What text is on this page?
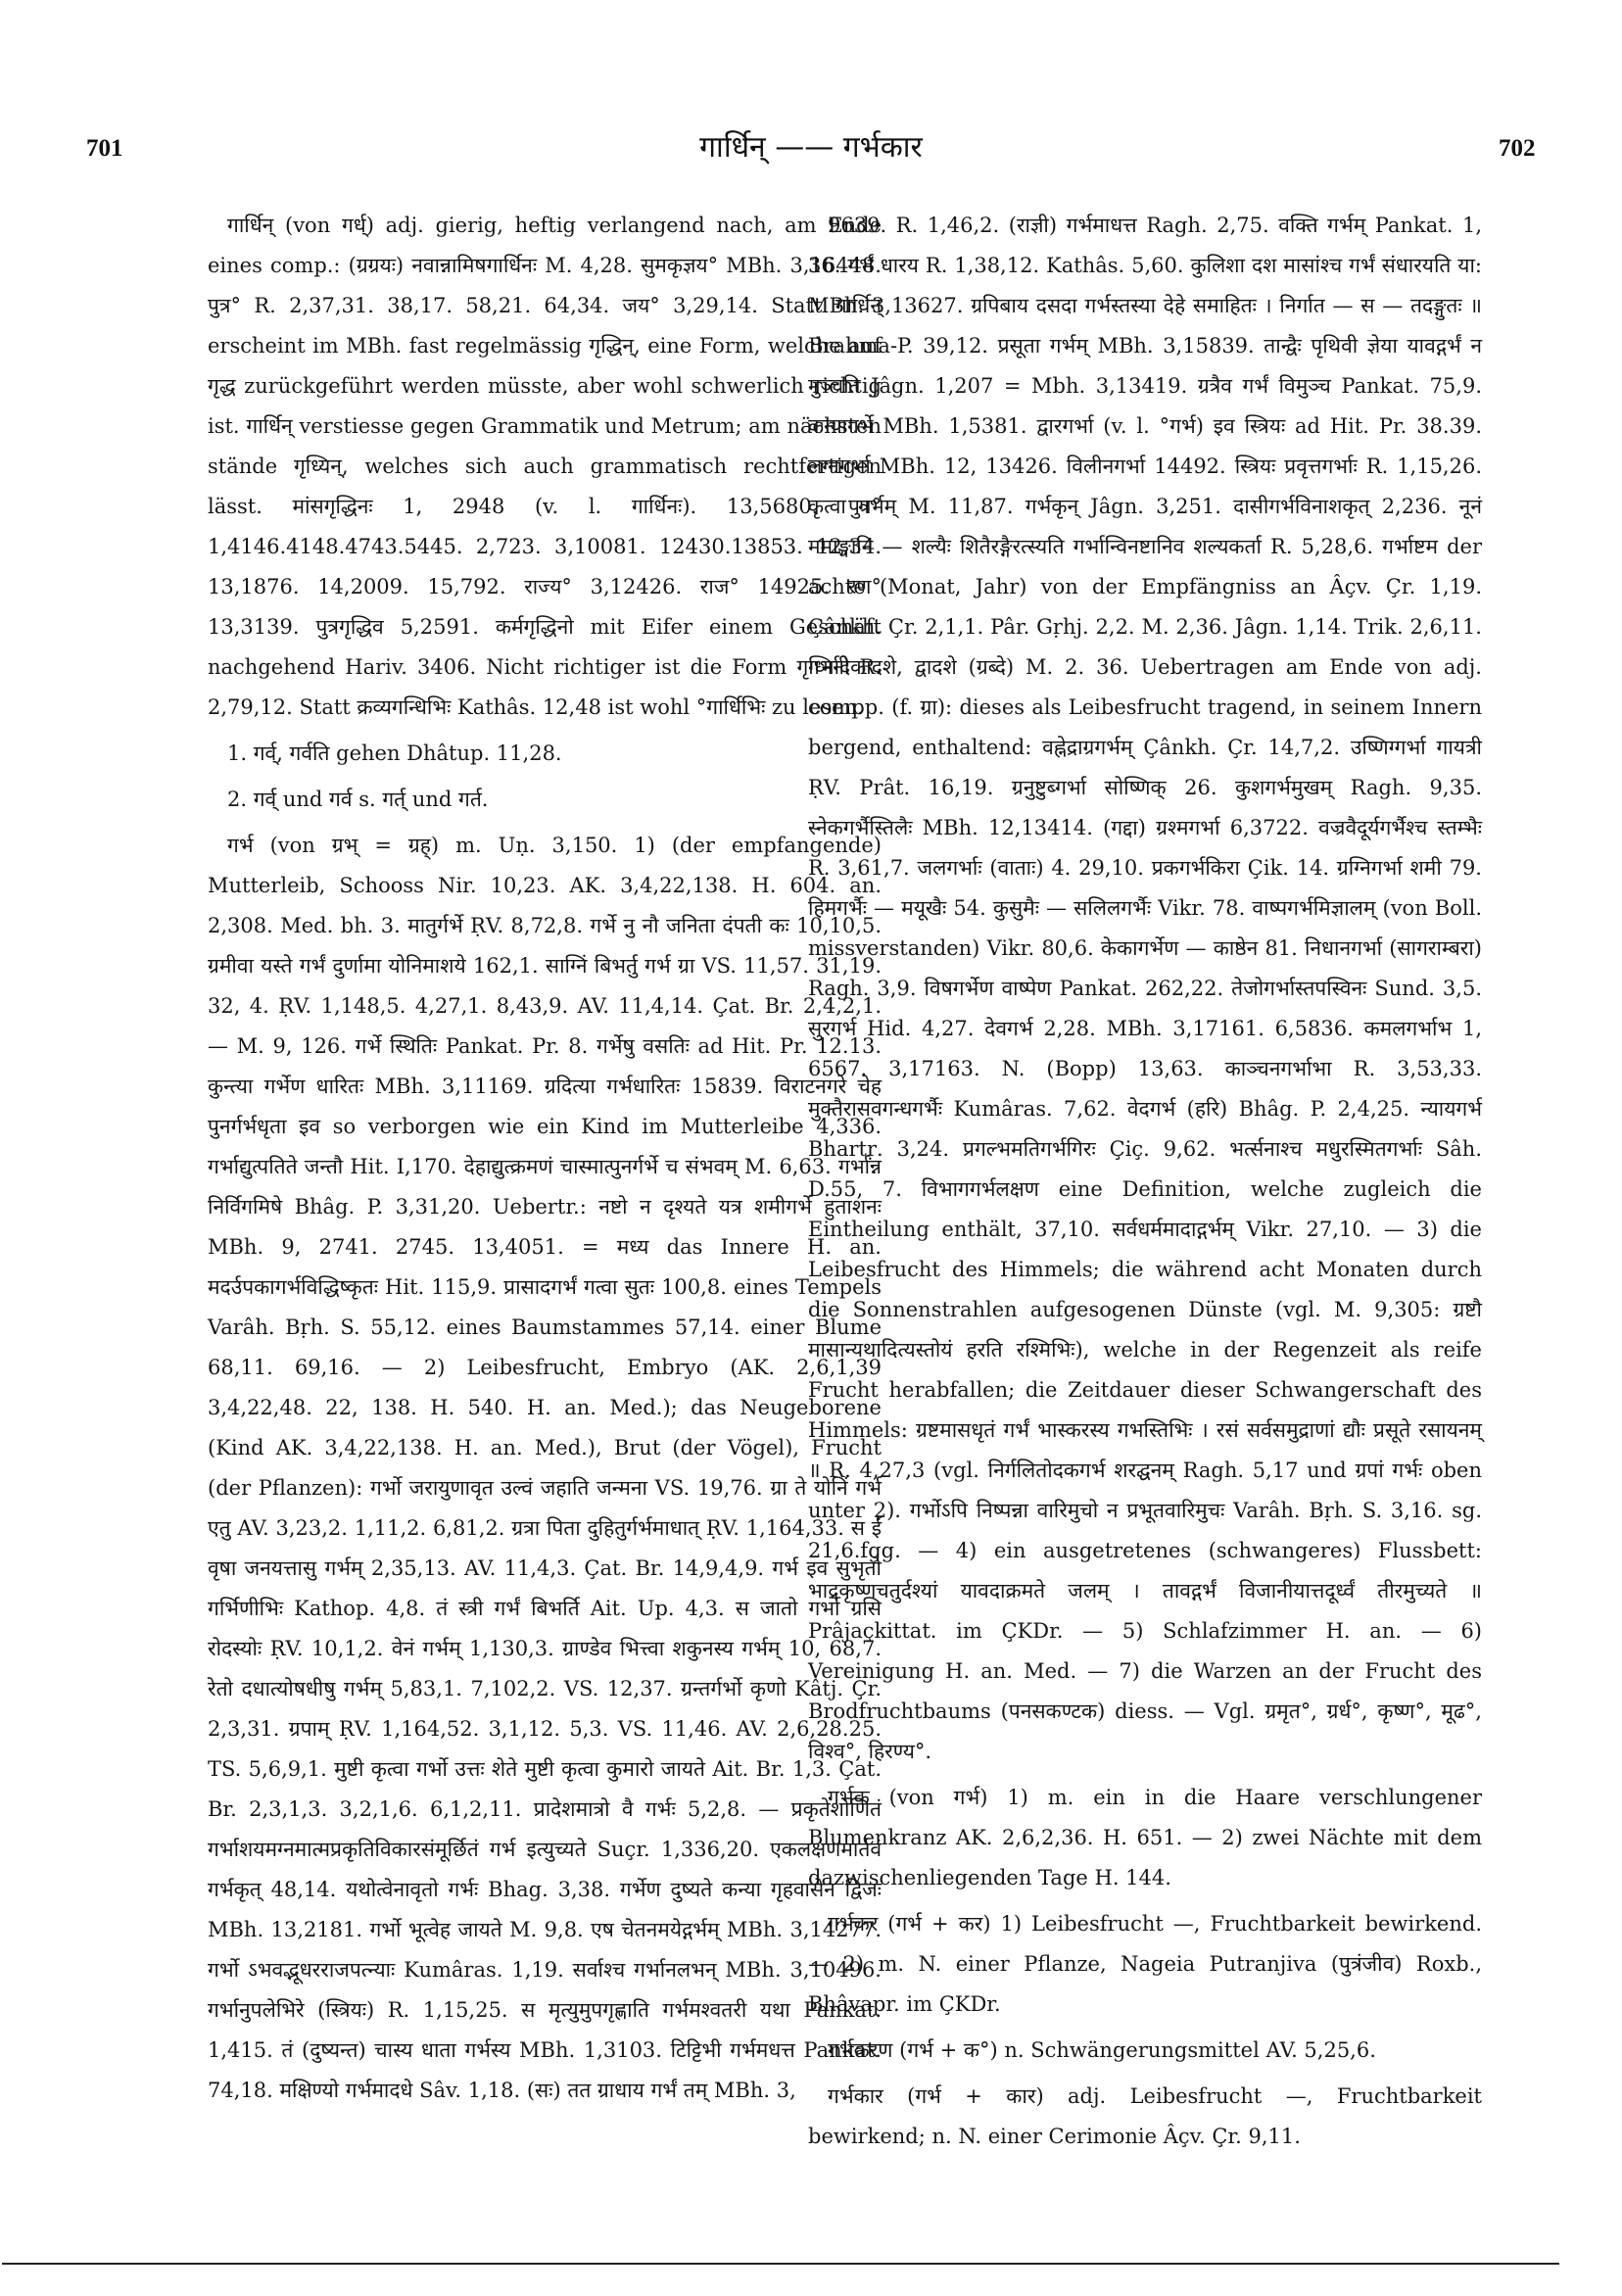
701	गार्धिन् —— गर्भकार	702

गार्धिन् (von गर्ध्) adj. gierig, heftig verlangend nach, am Ende eines comp.: (ग्रग्रयः) नवान्नामिषगार्धिनः M. 4,28. सुमकृज्ञय° MBh. 3,16448. पुत्र° R. 2,37,31. 38,17. 58,21. 64,34. जय° 3,29,14. Statt गार्धिन् erscheint im MBh. fast regelmässig गृद्धिन्, eine Form, welche auf गृद्ध zurückgeführt werden müsste, aber wohl schwerlich richtig ist. गार्धिन् verstiesse gegen Grammatik und Metrum; am nächsten stände गृध्यिन्, welches sich auch grammatisch rechtfertigen lässt. मांसगृद्धिनः 1, 2948 (v. l. गार्धिनः). 13,5680. पुत्र° 1,4146.4148.4743.5445. 2,723. 3,10081. 12430.13853. 12,34. 13,1876. 14,2009. 15,792. राज्य° 3,12426. राज° 14925. रण° 13,3139. पुत्रगृद्धिव 5,2591. कर्मगृद्धिनो mit Eifer einem Geschäft nachgehend Hariv. 3406. Nicht richtiger ist die Form गृध्निनी R. 2,79,12. Statt क्रव्यगन्धिभिः Kathâs. 12,48 ist wohl °गार्धिभिः zu lesen.

1. गर्व्, गर्वति gehen Dhâtup. 11,28.

2. गर्व् und गर्व s. गर्त् und गर्त.

गर्भ (von ग्रभ् = ग्रह्) m. Uṇ. 3,150. 1) (der empfangende) Mutterleib, Schooss Nir. 10,23. AK. 3,4,22,138. H. 604. an. 2,308. Med. bh. 3. मातुर्गर्भे ṚV. 8,72,8. गर्भे नु नौ जनिता दंपती कः 10,10,5. ग्रमीवा यस्ते गर्भं दुर्णामा योनिमाशये 162,1. साग्निं बिभर्तु गर्भ ग्रा VS. 11,57. 31,19. 32, 4. ṚV. 1,148,5. 4,27,1. 8,43,9. AV. 11,4,14. Çat. Br. 2,4,2,1. — M. 9, 126. गर्भे स्थितिः Pankat. Pr. 8. गर्भेषु वसतिः ad Hit. Pr. 12.13. कुन्त्या गर्भेण धारितः MBh. 3,11169. ग्रदित्या गर्भधारितः 15839. विराटनगरे चेह पुनर्गर्भधृता इव so verborgen wie ein Kind im Mutterleibe 4,336. गर्भाद्युत्पतिते जन्तौ Hit. I,170. देहाद्युत्क्रमणं चास्मात्पुनर्गर्भे च संभवम् M. 6,63. गर्भान्न निर्विगमिषे Bhâg. P. 3,31,20. Uebertr.: नष्टो न दृश्यते यत्र शमीगर्भे हुताशनः MBh. 9, 2741. 2745. 13,4051. = मध्य das Innere H. an. मदर्उपकागर्भविद्धिष्कृतः Hit. 115,9. प्रासादगर्भं गत्वा सुतः 100,8. eines Tempels Varâh. Bṛh. S. 55,12. eines Baumstammes 57,14. einer Blume 68,11. 69,16. — 2) Leibesfrucht, Embryo (AK. 2,6,1,39 3,4,22,48. 22, 138. H. 540. H. an. Med.); das Neugeborene (Kind AK. 3,4,22,138. H. an. Med.), Brut (der Vögel), Frucht (der Pflanzen): गर्भो जरायुणावृत उल्वं जहाति जन्मना VS. 19,76. ग्रा ते योनिं गर्भ एतु AV. 3,23,2. 1,11,2. 6,81,2. ग्रत्रा पिता दुहितुर्गर्भमाधात् ṚV. 1,164,33. स ईं वृषा जनयत्तासु गर्भम् 2,35,13. AV. 11,4,3. Çat. Br. 14,9,4,9. गर्भ इव सुभृतो गर्भिणीभिः Kathop. 4,8. तं स्त्री गर्भं बिभर्ति Ait. Up. 4,3. स जातो गर्भो ग्रसि रोदस्योः ṚV. 10,1,2. वेनं गर्भम् 1,130,3. ग्राण्डेव भित्त्वा शकुनस्य गर्भम् 10, 68,7. रेतो दधात्योषधीषु गर्भम् 5,83,1. 7,102,2. VS. 12,37. ग्रन्तर्गर्भो कृणो Kâtj. Çr. 2,3,31. ग्रपाम् ṚV. 1,164,52. 3,1,12. 5,3. VS. 11,46. AV. 2,6,28.25. TS. 5,6,9,1. मुष्टी कृत्वा गर्भो उत्तः शेते मुष्टी कृत्वा कुमारो जायते Ait. Br. 1,3. Çat. Br. 2,3,1,3. 3,2,1,6. 6,1,2,11. प्रादेशमात्रो वै गर्भः 5,2,8. — प्रकृतेशोणितं गर्भाशयमग्नमात्मप्रकृतिविकारसंमूर्छितं गर्भ इत्युच्यते Suçr. 1,336,20. एकलक्षणमार्तवं गर्भकृत् 48,14. यथोत्वेनावृतो गर्भः Bhag. 3,38. गर्भेण दुष्यते कन्या गृहवासेन द्विजः MBh. 13,2181. गर्भो भूत्वेह जायते M. 9,8. एष चेतनमयेद्गर्भम् MBh. 3,14277. गर्भो ऽभवद्भूधरराजपत्न्याः Kumâras. 1,19. सर्वाश्च गर्भानलभन् MBh. 3,10496. गर्भानुपलेभिरे (स्त्रियः) R. 1,15,25. स मृत्युमुपगृह्णाति गर्भमश्वतरी यथा Pankat. 1,415. तं (दुष्यन्त) चास्य धाता गर्भस्य MBh. 1,3103. टिट्टिभी गर्भमधत्त Pankat. 74,18. मक्षिण्यो गर्भमादधे Sâv. 1,18. (सः) तत ग्राधाय गर्भं तम् MBh. 3,

9639. R. 1,46,2. (राज्ञी) गर्भमाधत्त Ragh. 2,75. वक्ति गर्भम् Pankat. 1, 36. गर्भं धारय R. 1,38,12. Kathâs. 5,60. कुलिशा दश मासांश्च गर्भं संधारयति या: MBh. 3,13627. ग्रपिबाय दसदा गर्भस्तस्या देहे समाहितः । निर्गात — स — तदङ्गुतः ॥ Brahma-P. 39,12. प्रसूता गर्भम् MBh. 3,15839. तान्द्वैः पृथिवी ज्ञेया यावद्गर्भं न मुञ्चति Jâgn. 1,207 = Mbh. 3,13419. ग्रत्रैव गर्भं विमुञ्च Pankat. 75,9. कन्यागर्भे MBh. 1,5381. द्वारगर्भा (v. l. °गर्भ) इव स्त्रियः ad Hit. Pr. 38.39. लग्नगर्भा MBh. 12, 13426. विलीनगर्भा 14492. स्त्रियः प्रवृत्तगर्भाः R. 1,15,26. कृत्वा गर्भम् M. 11,87. गर्भकृन् Jâgn. 3,251. दासीगर्भविनाशकृत् 2,236. नूनं ममाङ्गानि — शल्यैः शितैरङ्गैरत्स्यति गर्भान्विनष्टानिव शल्यकर्ता R. 5,28,6. गर्भाष्टम der achte (Monat, Jahr) von der Empfängniss an Âçv. Çr. 1,19. Çânkh. Çr. 2,1,1. Pâr. Gṛhj. 2,2. M. 2,36. Jâgn. 1,14. Trik. 2,6,11. गर्भादेकादशे, द्वादशे (ग्रब्दे) M. 2. 36. Uebertragen am Ende von adj. compp. (f. ग्रा): dieses als Leibesfrucht tragend, in seinem Innern bergend, enthaltend: वह्नेद्राग्रगर्भम् Çânkh. Çr. 14,7,2. उष्णिग्गर्भा गायत्री ṚV. Prât. 16,19. ग्रनुष्टुब्गर्भा सोष्णिक् 26. कुशगर्भमुखम् Ragh. 9,35. स्नेकगर्भैस्तिलैः MBh. 12,13414. (गद्दा) ग्रश्मगर्भा 6,3722. वज्रवैदूर्यगर्भैश्च स्तम्भैः R. 3,61,7. जलगर्भाः (वाताः) 4. 29,10. प्रकगर्भकिरा Çik. 14. ग्रग्निगर्भा शमी 79. हिमगर्भैः — मयूखैः 54. कुसुमैः — सलिलगर्भैः Vikr. 78. वाष्पगर्भमिज्ञालम् (von Boll. missverstanden) Vikr. 80,6. केकागर्भेण — काष्ठेन 81. निधानगर्भा (सागराम्बरा) Ragh. 3,9. विषगर्भेण वाष्पेण Pankat. 262,22. तेजोगर्भास्तपस्विनः Sund. 3,5. सुरगर्भ Hid. 4,27. देवगर्भ 2,28. MBh. 3,17161. 6,5836. कमलगर्भाभ 1, 6567. 3,17163. N. (Bopp) 13,63. काञ्चनगर्भाभा R. 3,53,33. मुक्तैरासवगन्धगर्भैः Kumâras. 7,62. वेदगर्भ (हरि) Bhâg. P. 2,4,25. न्यायगर्भ Bhartṛ. 3,24. प्रगल्भमतिगर्भगिरः Çiç. 9,62. भर्त्सनाश्च मधुरस्मितगर्भाः Sâh. D.55, 7. विभागगर्भलक्षण eine Definition, welche zugleich die Eintheilung enthält, 37,10. सर्वधर्ममादाद्गर्भम् Vikr. 27,10. — 3) die Leibesfrucht des Himmels; die während acht Monaten durch die Sonnenstrahlen aufgesogenen Dünste (vgl. M. 9,305: ग्रष्टौ मासान्यथादित्यस्तोयं हरति रश्मिभिः), welche in der Regenzeit als reife Frucht herabfallen; die Zeitdauer dieser Schwangerschaft des Himmels: ग्रष्टमासधृतं गर्भं भास्करस्य गभस्तिभिः । रसं सर्वसमुद्राणां द्यौः प्रसूते रसायनम् ॥ R. 4,27,3 (vgl. निर्गलितोदकगर्भ शरद्घनम् Ragh. 5,17 und ग्रपां गर्भः oben unter 2). गर्भोऽपि निष्पन्ना वारिमुचो न प्रभूतवारिमुचः Varâh. Bṛh. S. 3,16. sg. 21,6.fgg. — 4) ein ausgetretenes (schwangeres) Flussbett: भाद्रकृष्णचतुर्दश्यां यावदाक्रमते जलम् । तावद्गर्भं विजानीयात्तदूर्ध्वं तीरमुच्यते ॥ Prâjaçkittat. im ÇKDr. — 5) Schlafzimmer H. an. — 6) Vereinigung H. an. Med. — 7) die Warzen an der Frucht des Brodfruchtbaums (पनसकण्टक) diess. — Vgl. ग्रमृत°, ग्रर्ध°, कृष्ण°, मूढ°, विश्व°, हिरण्य°.

गर्भक (von गर्भ) 1) m. ein in die Haare verschlungener Blumenkranz AK. 2,6,2,36. H. 651. — 2) zwei Nächte mit dem dazwischenliegenden Tage H. 144.

गर्भकर (गर्भ + कर) 1) Leibesfrucht —, Fruchtbarkeit bewirkend. — 2) m. N. einer Pflanze, Nageia Putranjiva (पुत्रंजीव) Roxb., Bhâvapr. im ÇKDr.

गर्भकरण (गर्भ + क°) n. Schwängerungsmittel AV. 5,25,6.

गर्भकार (गर्भ + कार) adj. Leibesfrucht —, Fruchtbarkeit bewirkend; n. N. einer Cerimonie Âçv. Çr. 9,11.
